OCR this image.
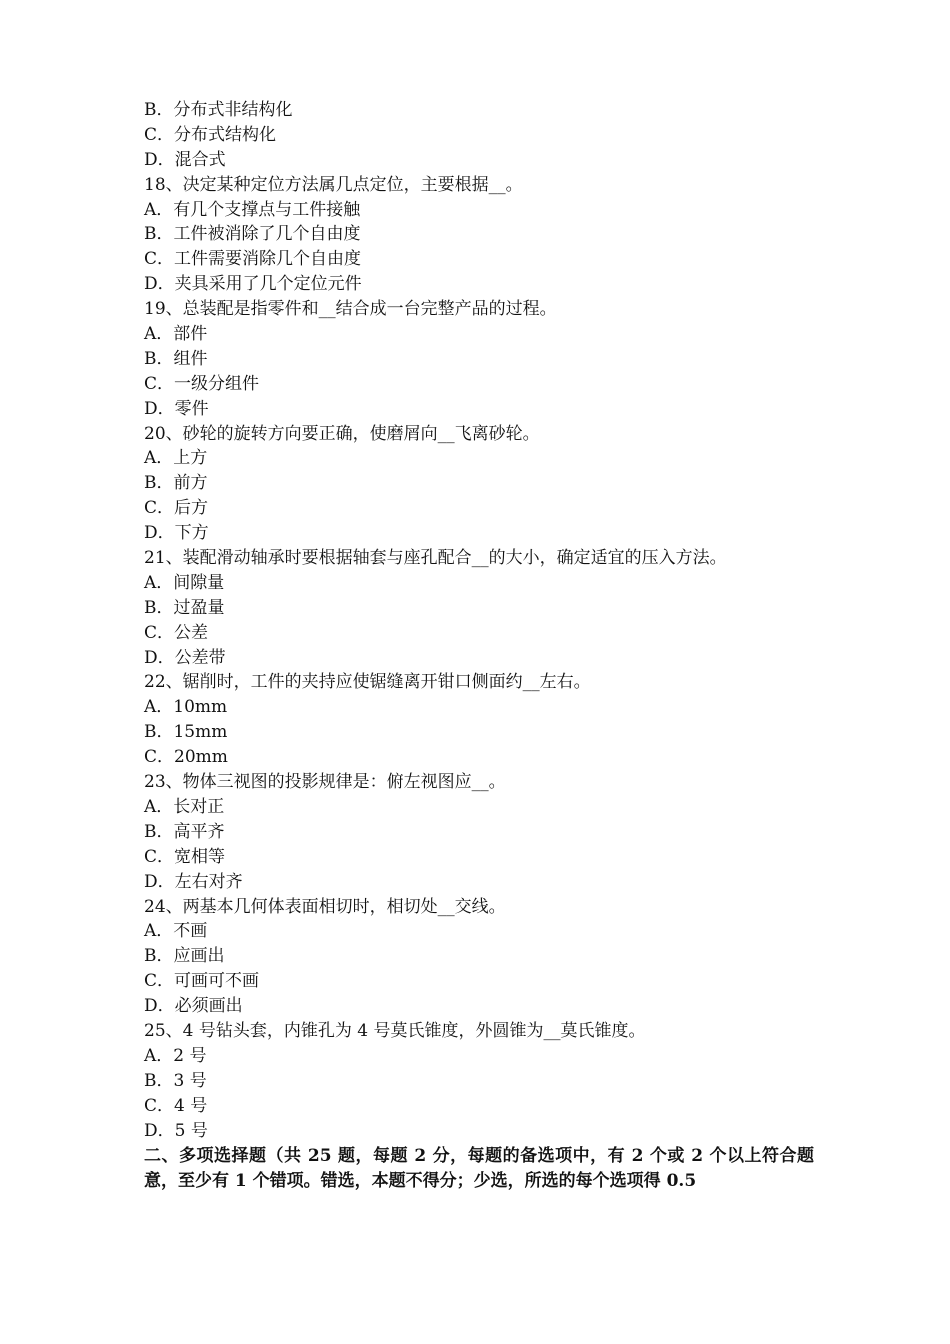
B．分布式非结构化
C．分布式结构化
D．混合式
18、决定某种定位方法属几点定位，主要根据__。
A．有几个支撑点与工件接触
B．工件被消除了几个自由度
C．工件需要消除几个自由度
D．夹具采用了几个定位元件
19、总装配是指零件和__结合成一台完整产品的过程。
A．部件
B．组件
C．一级分组件
D．零件
20、砂轮的旋转方向要正确，使磨屑向__飞离砂轮。
A．上方
B．前方
C．后方
D．下方
21、装配滑动轴承时要根据轴套与座孔配合__的大小，确定适宜的压入方法。
A．间隙量
B．过盈量
C．公差
D．公差带
22、锯削时，工件的夹持应使锯缝离开钳口侧面约__左右。
A．10mm
B．15mm
C．20mm
23、物体三视图的投影规律是：俯左视图应__。
A．长对正
B．高平齐
C．宽相等
D．左右对齐
24、两基本几何体表面相切时，相切处__交线。
A．不画
B．应画出
C．可画可不画
D．必须画出
25、4 号钻头套，内锥孔为 4 号莫氏锥度，外圆锥为__莫氏锥度。
A．2 号
B．3 号
C．4 号
D．5 号
二、多项选择题（共 25 题，每题 2 分，每题的备选项中，有 2 个或 2 个以上符合题意，至少有 1 个错项。错选，本题不得分；少选，所选的每个选项得 0.5
